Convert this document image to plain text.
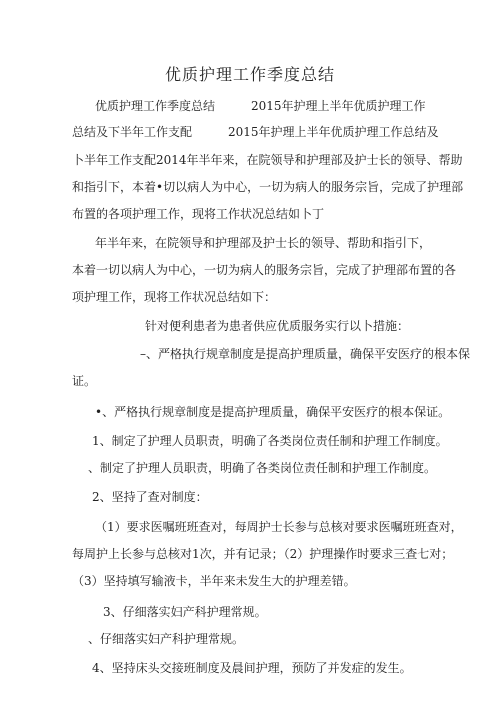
优质护理工作季度总结
优质护理工作季度总结　　　2015年护理上半年优质护理工作
总结及下半年工作支配　　　2015年护理上半年优质护理工作总结及
卜半年工作支配2014年半年来，在院领导和护理部及护士长的领导、帮助
和指引下，本着•切以病人为中心，一切为病人的服务宗旨，完成了护理部
布置的各项护理工作，现将工作状况总结如卜丁
年半年来，在院领导和护理部及护士长的领导、帮助和指引下，
本着一切以病人为中心，一切为病人的服务宗旨，完成了护理部布置的各
项护理工作，现将工作状况总结如下：
针对便利患者为患者供应优质服务实行以卜措施：
–、严格执行规章制度是提高护理质量，确保平安医疗的根本保
证。
•、严格执行规章制度是提高护理质量，确保平安医疗的根本保证。
1、制定了护理人员职责，明确了各类岗位责任制和护理工作制度。
、制定了护理人员职责，明确了各类岗位责任制和护理工作制度。
2、坚持了查对制度：
（1）要求医嘱班班查对，每周护士长参与总核对要求医嘱班班查对，
每周护上长参与总核对1次，并有记录；（2）护理操作时要求三查七对；
（3）坚持填写输液卡，半年来未发生大的护理差错。
3、仔细落实妇产科护理常规。
、仔细落实妇产科护理常规。
4、坚持床头交接班制度及晨间护理，预防了并发症的发生。
